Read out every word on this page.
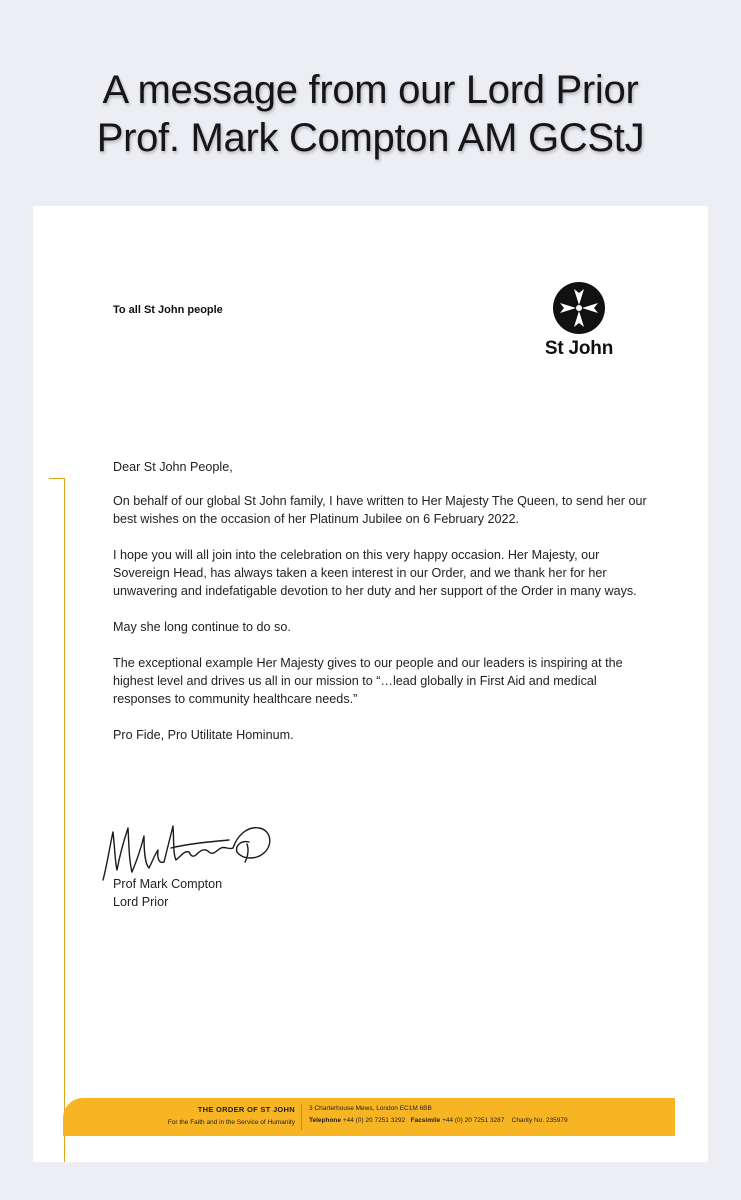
A message from our Lord Prior
Prof. Mark Compton AM GCStJ
To all St John people
St John

Dear St John People,

On behalf of our global St John family, I have written to Her Majesty The Queen, to send her our best wishes on the occasion of her Platinum Jubilee on 6 February 2022.

I hope you will all join into the celebration on this very happy occasion. Her Majesty, our Sovereign Head, has always taken a keen interest in our Order, and we thank her for her unwavering and indefatigable devotion to her duty and her support of the Order in many ways.

May she long continue to do so.

The exceptional example Her Majesty gives to our people and our leaders is inspiring at the highest level and drives us all in our mission to “…lead globally in First Aid and medical responses to community healthcare needs.”

Pro Fide, Pro Utilitate Hominum.

Prof Mark Compton
Lord Prior
THE ORDER OF ST JOHN
For the Faith and in the Service of Humanity
3 Charterhouse Mews, London EC1M 6BB
Telephone +44 (0) 20 7251 3292 Facsimile +44 (0) 20 7251 3287 Charity No. 235979
